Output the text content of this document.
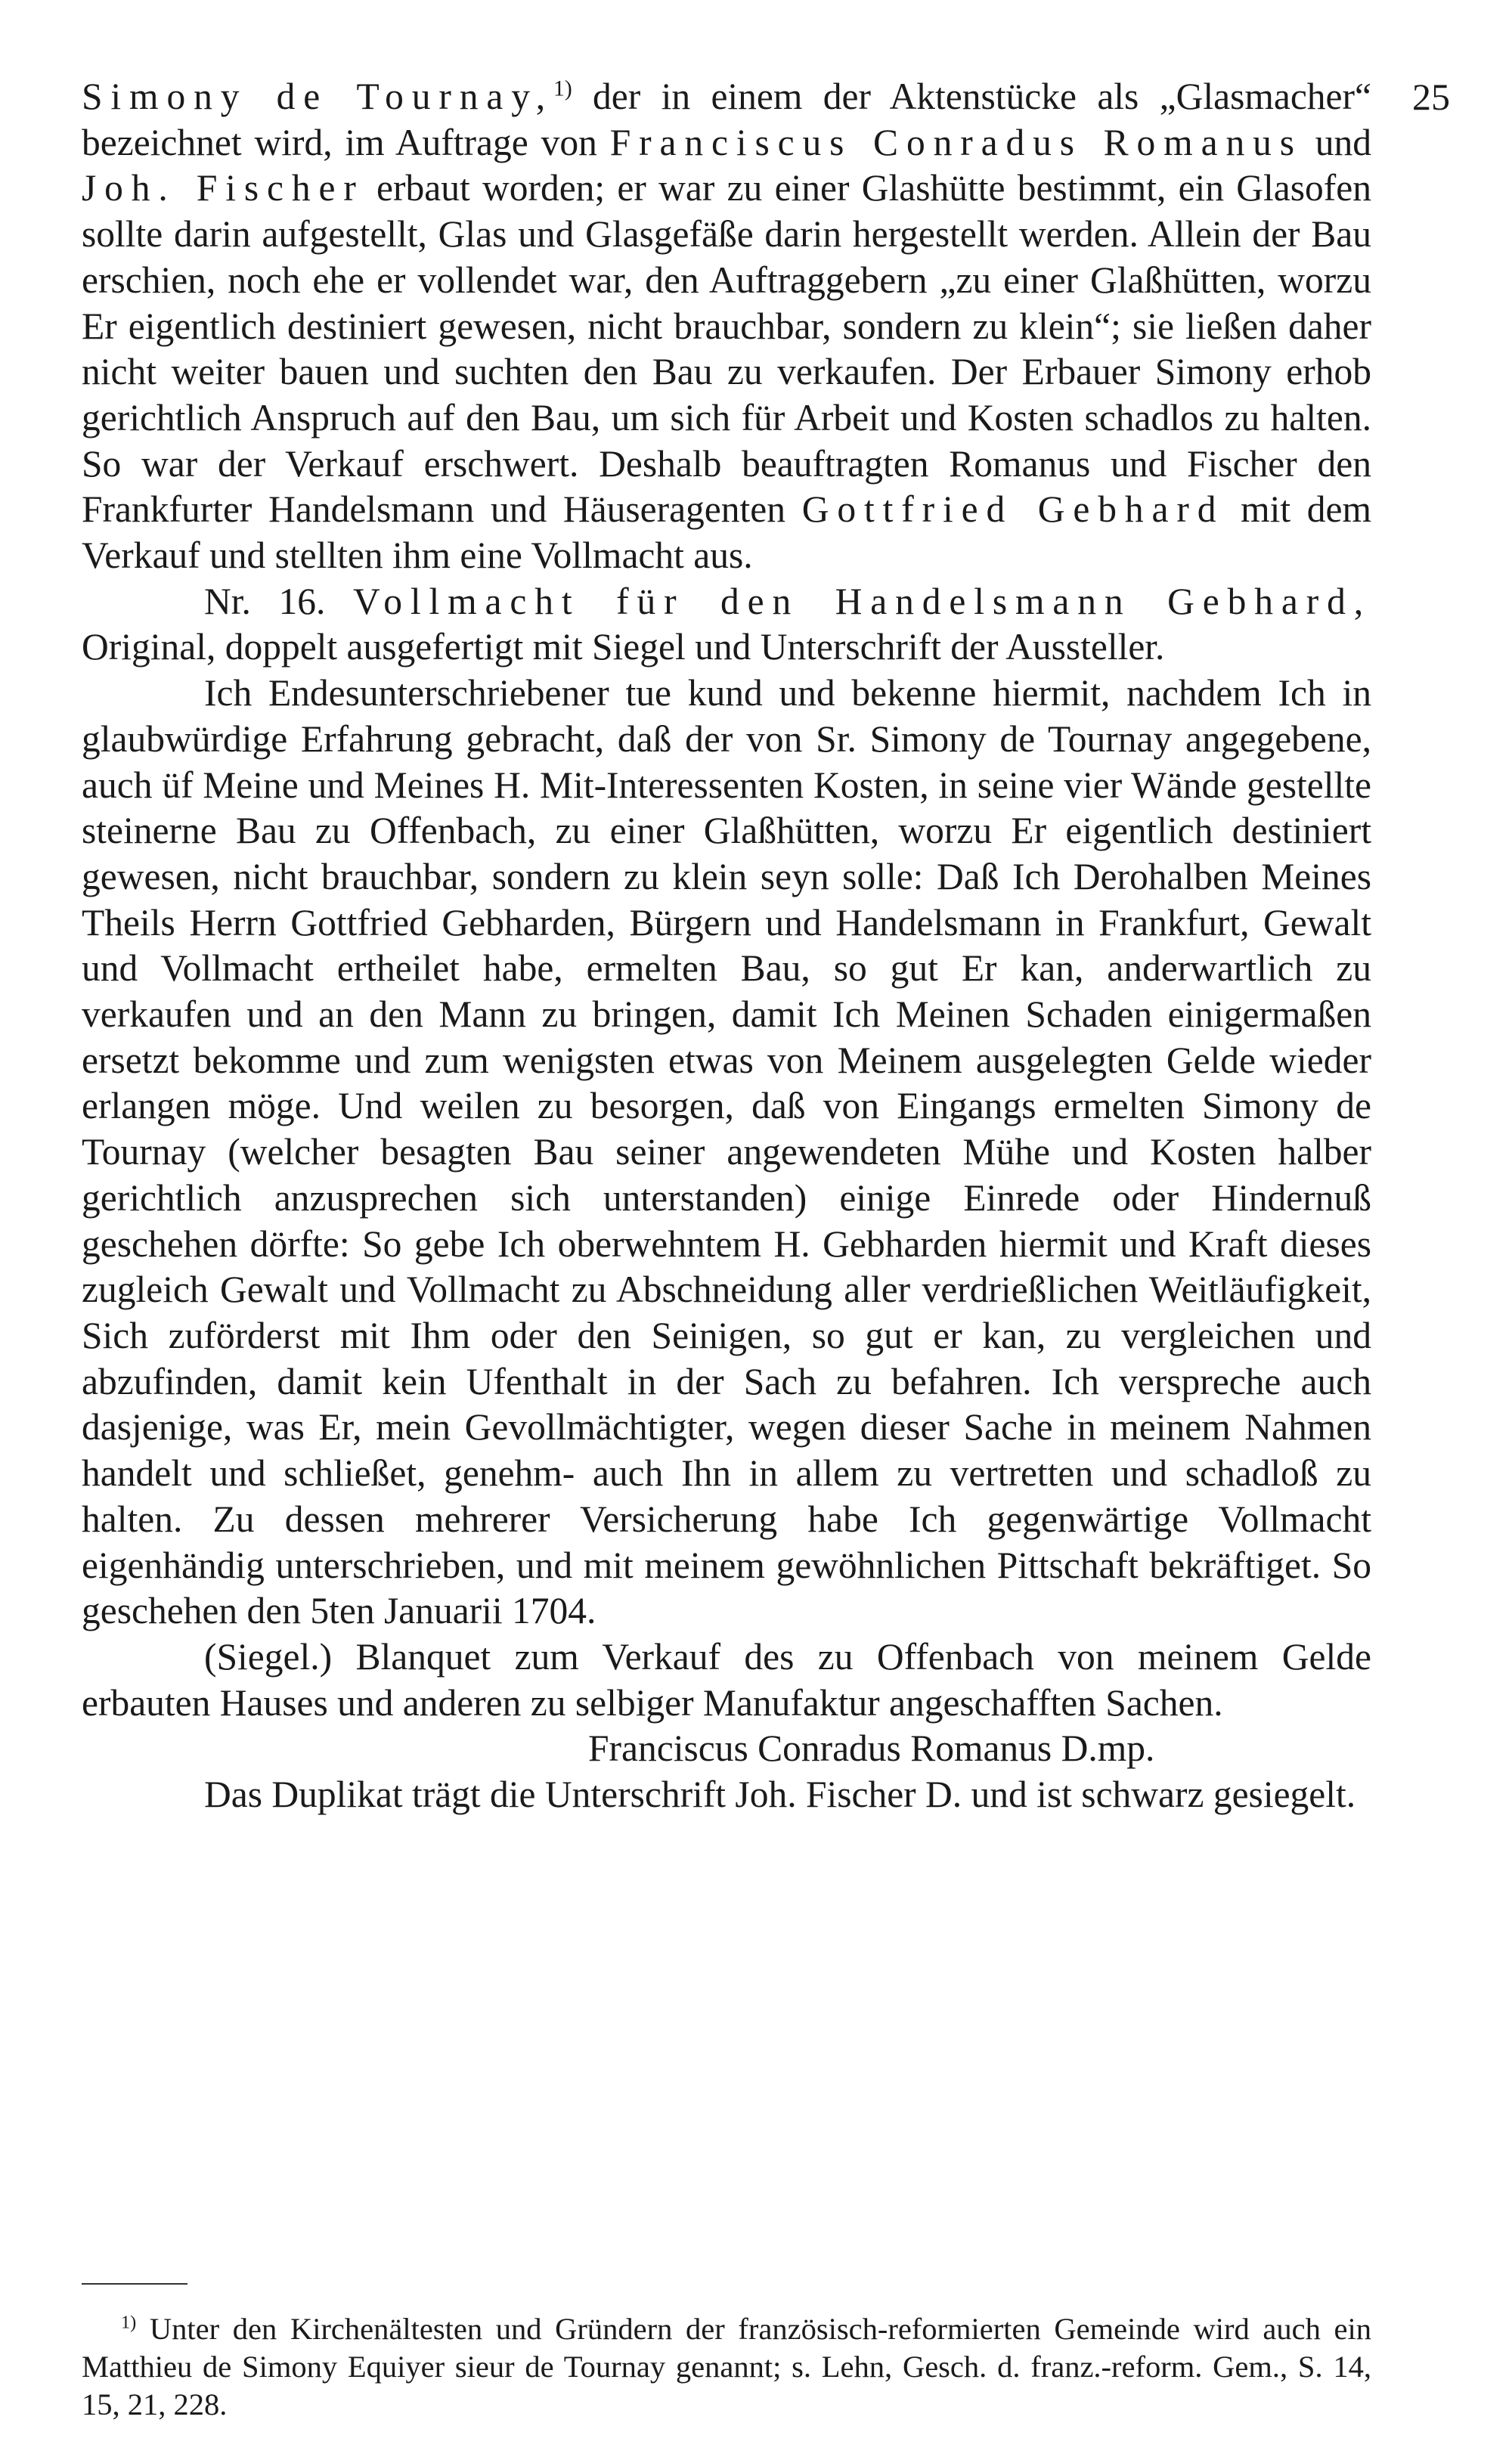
25

Simony de Tournay,$^{1)}$ der in einem der Aktenstücke als „Glasmacher“ bezeichnet wird, im Auftrage von Franciscus Conradus Romanus und Joh. Fischer erbaut worden; er war zu einer Glashütte bestimmt, ein Glasofen sollte darin aufgestellt, Glas und Glasgefäße darin hergestellt werden. Allein der Bau erschien, noch ehe er vollendet war, den Auftraggebern „zu einer Glaßhütten, worzu Er eigentlich destiniert gewesen, nicht brauchbar, sondern zu klein“; sie ließen daher nicht weiter bauen und suchten den Bau zu verkaufen. Der Erbauer Simony erhob gerichtlich Anspruch auf den Bau, um sich für Arbeit und Kosten schadlos zu halten. So war der Verkauf erschwert. Deshalb beauftragten Romanus und Fischer den Frankfurter Handelsmann und Häuseragenten Gottfried Gebhard mit dem Verkauf und stellten ihm eine Vollmacht aus.

Nr. 16. Vollmacht für den Handelsmann Gebhard, Original, doppelt ausgefertigt mit Siegel und Unterschrift der Aussteller.

Ich Endesunterschriebener tue kund und bekenne hiermit, nachdem Ich in glaubwürdige Erfahrung gebracht, daß der von Sr. Simony de Tournay angegebene, auch üf Meine und Meines H. Mit-Interessenten Kosten, in seine vier Wände gestellte steinerne Bau zu Offenbach, zu einer Glaßhütten, worzu Er eigentlich destiniert gewesen, nicht brauchbar, sondern zu klein seyn solle: Daß Ich Derohalben Meines Theils Herrn Gottfried Gebharden, Bürgern und Handelsmann in Frankfurt, Gewalt und Vollmacht ertheilet habe, ermelten Bau, so gut Er kan, anderwartlich zu verkaufen und an den Mann zu bringen, damit Ich Meinen Schaden einigermaßen ersetzt bekomme und zum wenigsten etwas von Meinem ausgelegten Gelde wieder erlangen möge. Und weilen zu besorgen, daß von Eingangs ermelten Simony de Tournay (welcher besagten Bau seiner angewendeten Mühe und Kosten halber gerichtlich anzusprechen sich unterstanden) einige Einrede oder Hindernuß geschehen dörfte: So gebe Ich oberwehntem H. Gebharden hiermit und Kraft dieses zugleich Gewalt und Vollmacht zu Abschneidung aller verdrießlichen Weitläufigkeit, Sich zuförderst mit Ihm oder den Seinigen, so gut er kan, zu vergleichen und abzufinden, damit kein Ufenthalt in der Sach zu befahren. Ich verspreche auch dasjenige, was Er, mein Gevollmächtigter, wegen dieser Sache in meinem Nahmen handelt und schließet, genehm- auch Ihn in allem zu vertretten und schadloß zu halten. Zu dessen mehrerer Versicherung habe Ich gegenwärtige Vollmacht eigenhändig unterschrieben, und mit meinem gewöhnlichen Pittschaft bekräftiget. So geschehen den 5ten Januarii 1704.

(Siegel.) Blanquet zum Verkauf des zu Offenbach von meinem Gelde erbauten Hauses und anderen zu selbiger Manufaktur angeschafften Sachen.

Franciscus Conradus Romanus D.mp.

Das Duplikat trägt die Unterschrift Joh. Fischer D. und ist schwarz gesiegelt.

$^{1)}$ Unter den Kirchenältesten und Gründern der französisch-reformierten Gemeinde wird auch ein Matthieu de Simony Equiyer sieur de Tournay genannt; s. Lehn, Gesch. d. franz.-reform. Gem., S. 14, 15, 21, 228.
